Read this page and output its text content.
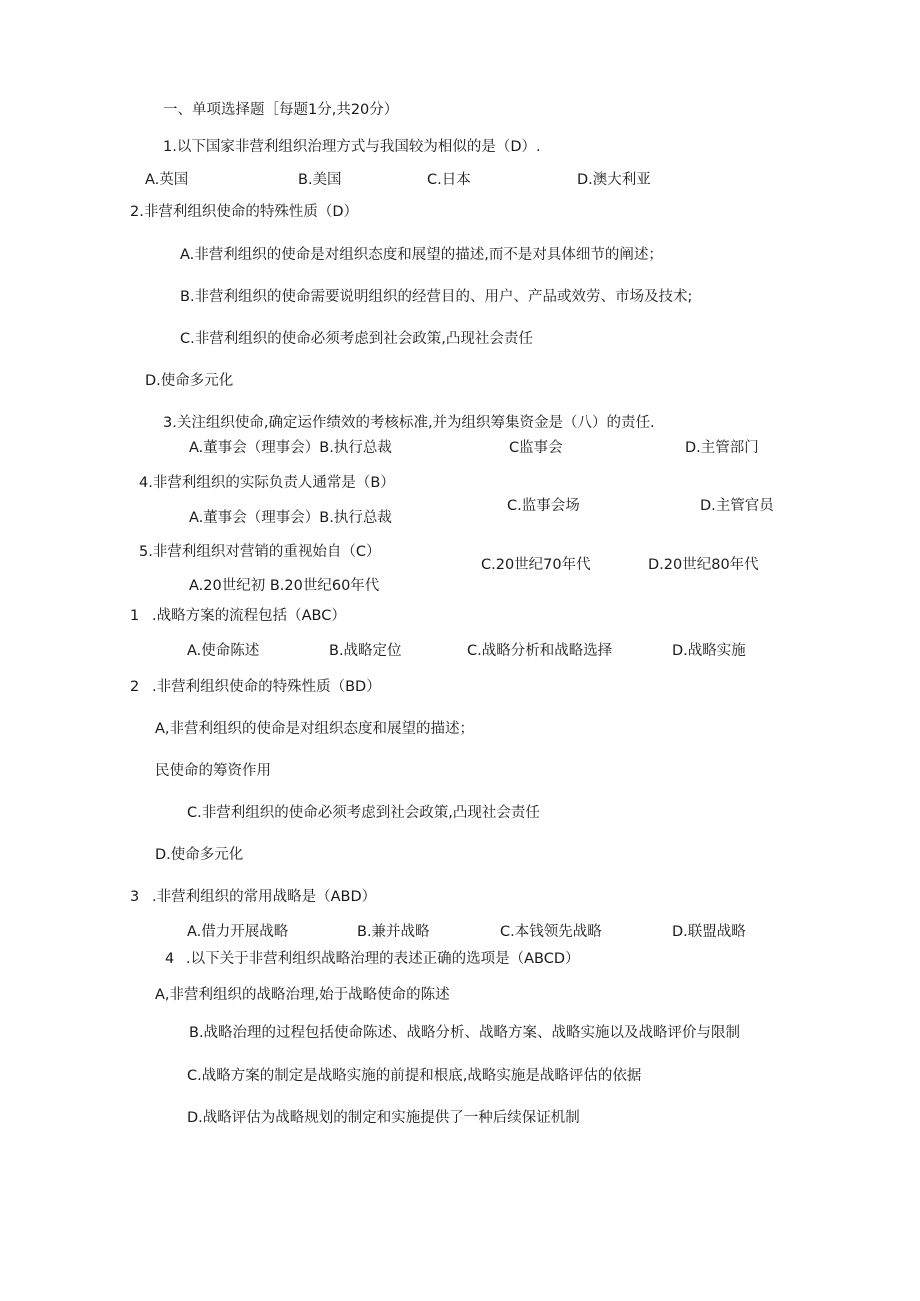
一、单项选择题［每题1分,共20分）
1.以下国家非营利组织治理方式与我国较为相似的是（D）.
A.英国	B.美国	C.日本	D.澳大利亚
2.非营利组织使命的特殊性质（D）
A.非营利组织的使命是对组织态度和展望的描述,而不是对具体细节的阐述；
B.非营利组织的使命需要说明组织的经营目的、用户、产品或效劳、市场及技术;
C.非营利组织的使命必须考虑到社会政策,凸现社会责任
D.使命多元化
3.关注组织使命,确定运作绩效的考核标准,并为组织筹集资金是（八）的责任.
A.董事会（理事会）B.执行总裁	C监事会	D.主管部门
4.非营利组织的实际负责人通常是（B）
A.董事会（理事会）B.执行总裁
C.监事会场	D.主管官员
5.非营利组织对营销的重视始自（C）
A.20世纪初 B.20世纪60年代
C.20世纪70年代	D.20世纪80年代
1 .战略方案的流程包括（ABC）
A.使命陈述	B.战略定位	C.战略分析和战略选择	D.战略实施
2 .非营利组织使命的特殊性质（BD）
A,非营利组织的使命是对组织态度和展望的描述；
民使命的筹资作用
C.非营利组织的使命必须考虑到社会政策,凸现社会责任
D.使命多元化
3 .非营利组织的常用战略是（ABD）
A.借力开展战略	B.兼并战略	C.本钱领先战略	D.联盟战略
4 .以下关于非营利组织战略治理的表述正确的选项是（ABCD）
A,非营利组织的战略治理,始于战略使命的陈述
B.战略治理的过程包括使命陈述、战略分析、战略方案、战略实施以及战略评价与限制
C.战略方案的制定是战略实施的前提和根底,战略实施是战略评估的依据
D.战略评估为战略规划的制定和实施提供了一种后续保证机制
